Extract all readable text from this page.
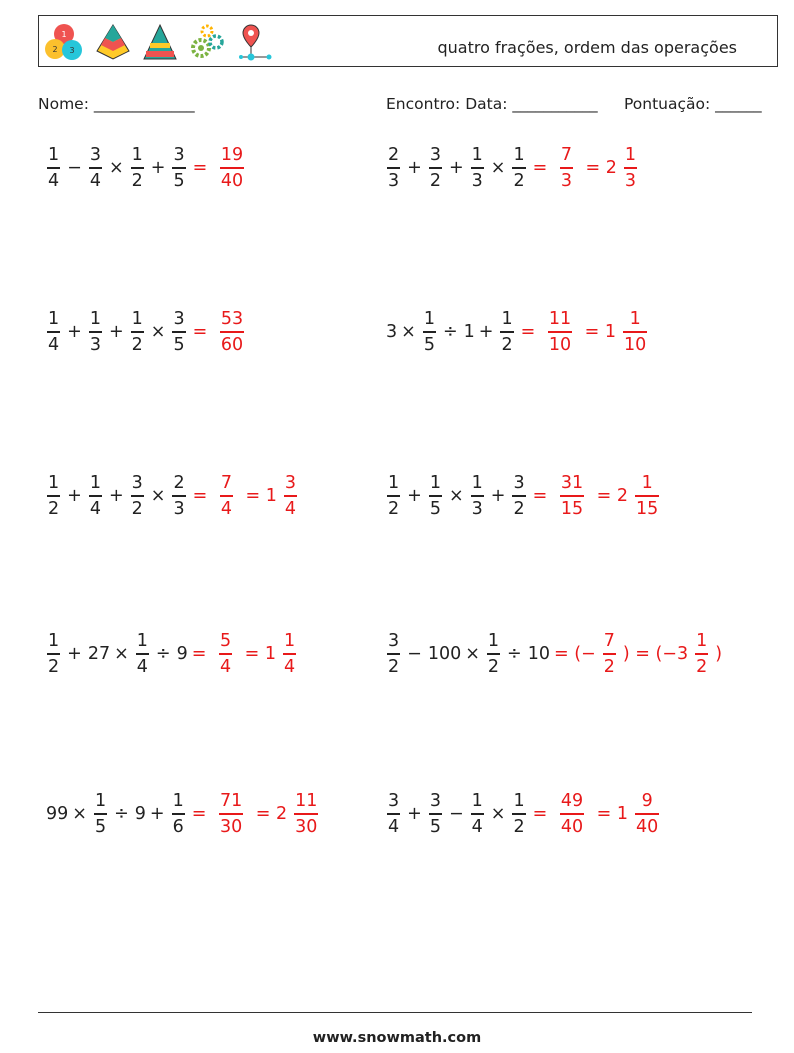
1
2 3	quatro frações, ordem das operações
Nome: _____________	Encontro: Data: ___________ Pontuação: ______
$\frac{1}{4} - \frac{3}{4} \times \frac{1}{2} + \frac{3}{5} = \frac{19}{40}$	$\frac{2}{3} + \frac{3}{2} + \frac{1}{3} \times \frac{1}{2} = \frac{7}{3} = 2 \frac{1}{3}$
$\frac{1}{4} + \frac{1}{3} + \frac{1}{2} \times \frac{3}{5} = \frac{53}{60}$	$3 \times \frac{1}{5} \div 1 + \frac{1}{2} = \frac{11}{10} = 1 \frac{1}{10}$
$\frac{1}{2} + \frac{1}{4} + \frac{3}{2} \times \frac{2}{3} = \frac{7}{4} = 1 \frac{3}{4}$	$\frac{1}{2} + \frac{1}{5} \times \frac{1}{3} + \frac{3}{2} = \frac{31}{15} = 2 \frac{1}{15}$
$\frac{1}{2} + 27 \times \frac{1}{4} \div 9 = \frac{5}{4} = 1 \frac{1}{4}$	$\frac{3}{2} - 100 \times \frac{1}{2} \div 10$ = (− $\frac{7}{2}$ ) = ($-3 \frac{1}{2}$ )
$99 \times \frac{1}{5} \div 9 + \frac{1}{6} = \frac{71}{30} = 2 \frac{11}{30}$	$\frac{3}{4} + \frac{3}{5} - \frac{1}{4} \times \frac{1}{2} = \frac{49}{40} = 1 \frac{9}{40}$
www.snowmath.com
